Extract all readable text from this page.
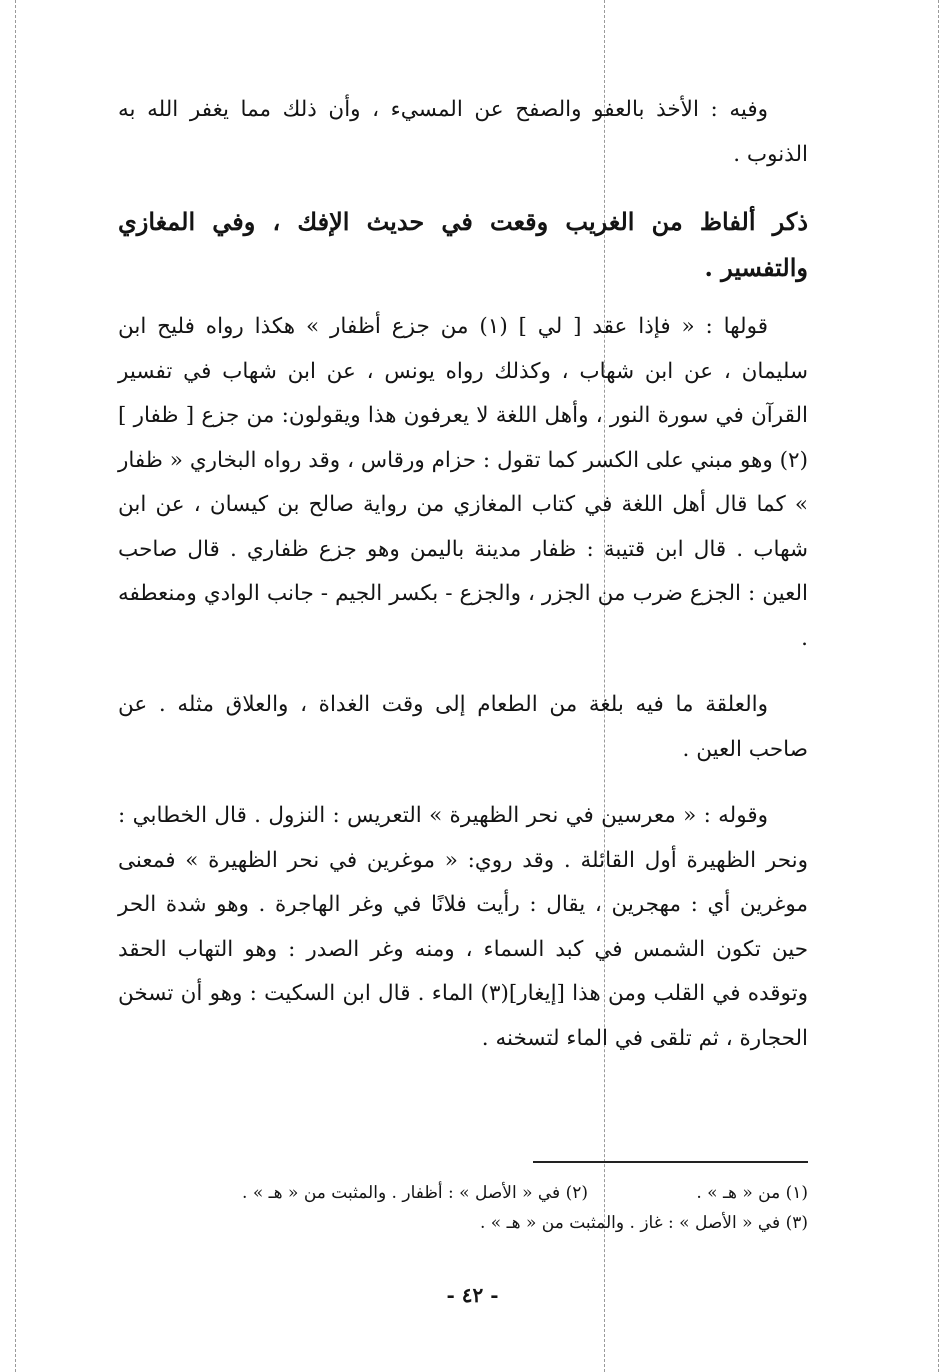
وفيه : الأخذ بالعفو والصفح عن المسيء ، وأن ذلك مما يغفر الله به الذنوب .

ذكر ألفاظ من الغريب وقعت في حديث الإفك ، وفي المغازي والتفسير .

قولها : « فإذا عقد [ لي ] (١) من جزع أظفار » هكذا رواه فليح ابن سليمان ، عن ابن شهاب ، وكذلك رواه يونس ، عن ابن شهاب في تفسير القرآن في سورة النور ، وأهل اللغة لا يعرفون هذا ويقولون: من جزع [ ظفار ] (٢) وهو مبني على الكسر كما تقول : حزام ورقاس ، وقد رواه البخاري « ظفار » كما قال أهل اللغة في كتاب المغازي من رواية صالح بن كيسان ، عن ابن شهاب . قال ابن قتيبة : ظفار مدينة باليمن وهو جزع ظفاري . قال صاحب العين : الجزع ضرب من الجزر ، والجزع - بكسر الجيم - جانب الوادي ومنعطفه .

والعلقة ما فيه بلغة من الطعام إلى وقت الغداة ، والعلاق مثله . عن صاحب العين .

وقوله : « معرسين في نحر الظهيرة » التعريس : النزول . قال الخطابي : ونحر الظهيرة أول القائلة . وقد روي: « موغرين في نحر الظهيرة » فمعنى موغرين أي : مهجرين ، يقال : رأيت فلانًا في وغر الهاجرة . وهو شدة الحر حين تكون الشمس في كبد السماء ، ومنه وغر الصدر : وهو التهاب الحقد وتوقده في القلب ومن هذا [إيغار](٣) الماء . قال ابن السكيت : وهو أن تسخن الحجارة ، ثم تلقى في الماء لتسخنه .

(١) من « هـ » .
(٢) في « الأصل » : أظفار . والمثبت من « هـ » .
(٣) في « الأصل » : غاز . والمثبت من « هـ » .
- ٤٢ -
